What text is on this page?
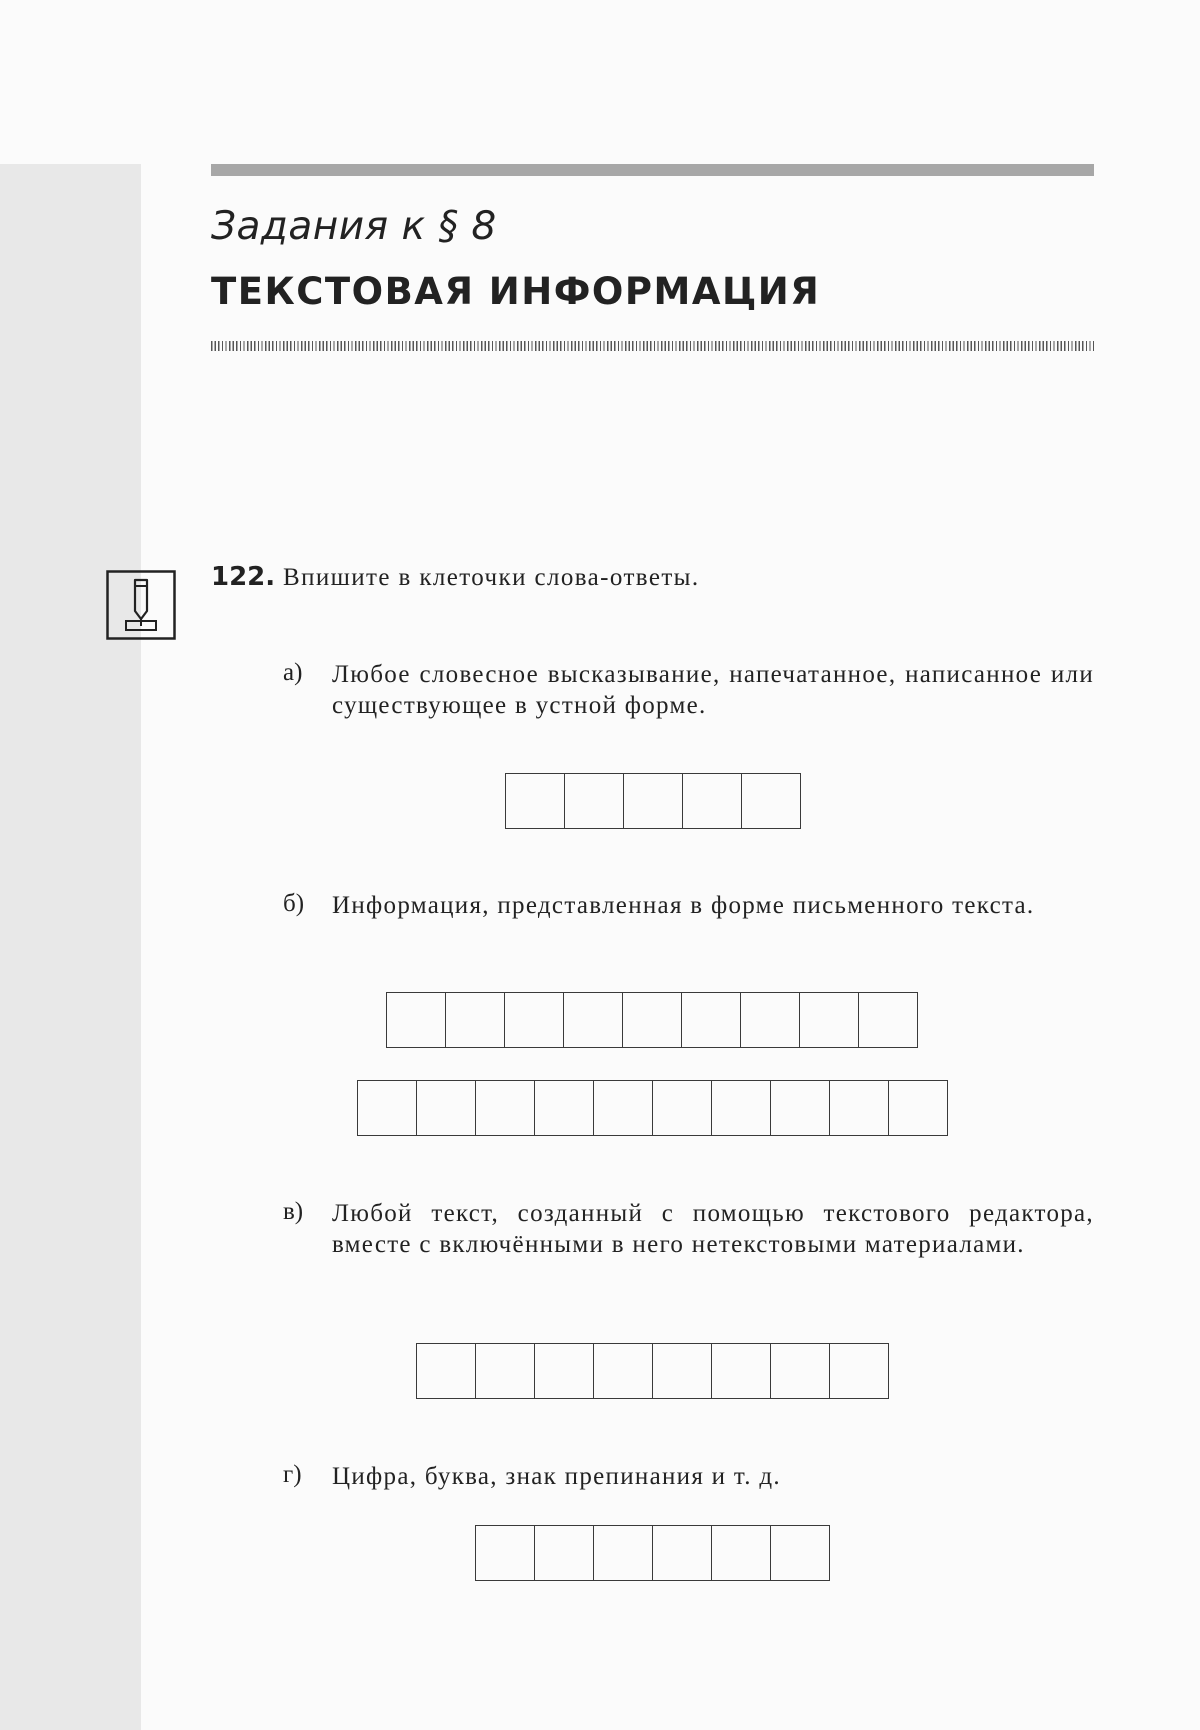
Задания к § 8
ТЕКСТОВАЯ ИНФОРМАЦИЯ
122. Впишите в клеточки слова-ответы.
а) Любое словесное высказывание, напечатанное, написанное или существующее в устной форме.
б) Информация, представленная в форме письменного текста.
в) Любой текст, созданный с помощью текстового редактора, вместе с включёнными в него нетекстовыми материалами.
г) Цифра, буква, знак препинания и т. д.
